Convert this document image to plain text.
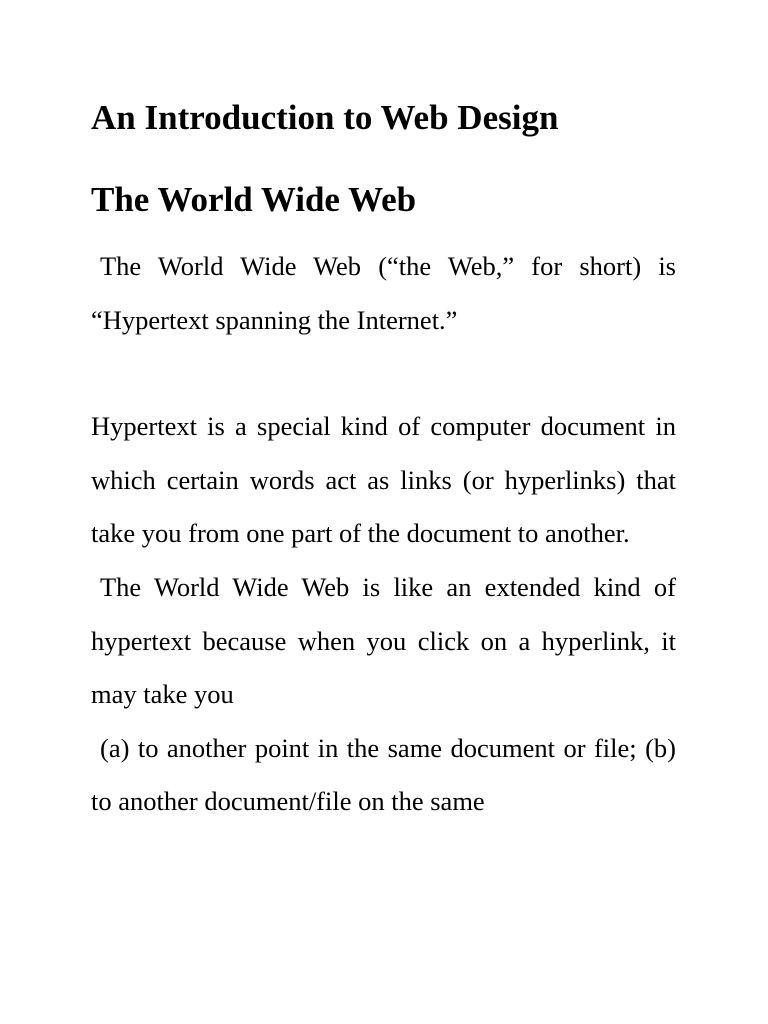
An Introduction to Web Design
The World Wide Web

The World Wide Web (“the Web,” for short) is “Hypertext spanning the Internet.”

Hypertext is a special kind of computer document in which certain words act as links (or hyperlinks) that take you from one part of the document to another.

The World Wide Web is like an extended kind of hypertext because when you click on a hyperlink, it may take you

(a) to another point in the same document or file; (b) to another document/file on the same
